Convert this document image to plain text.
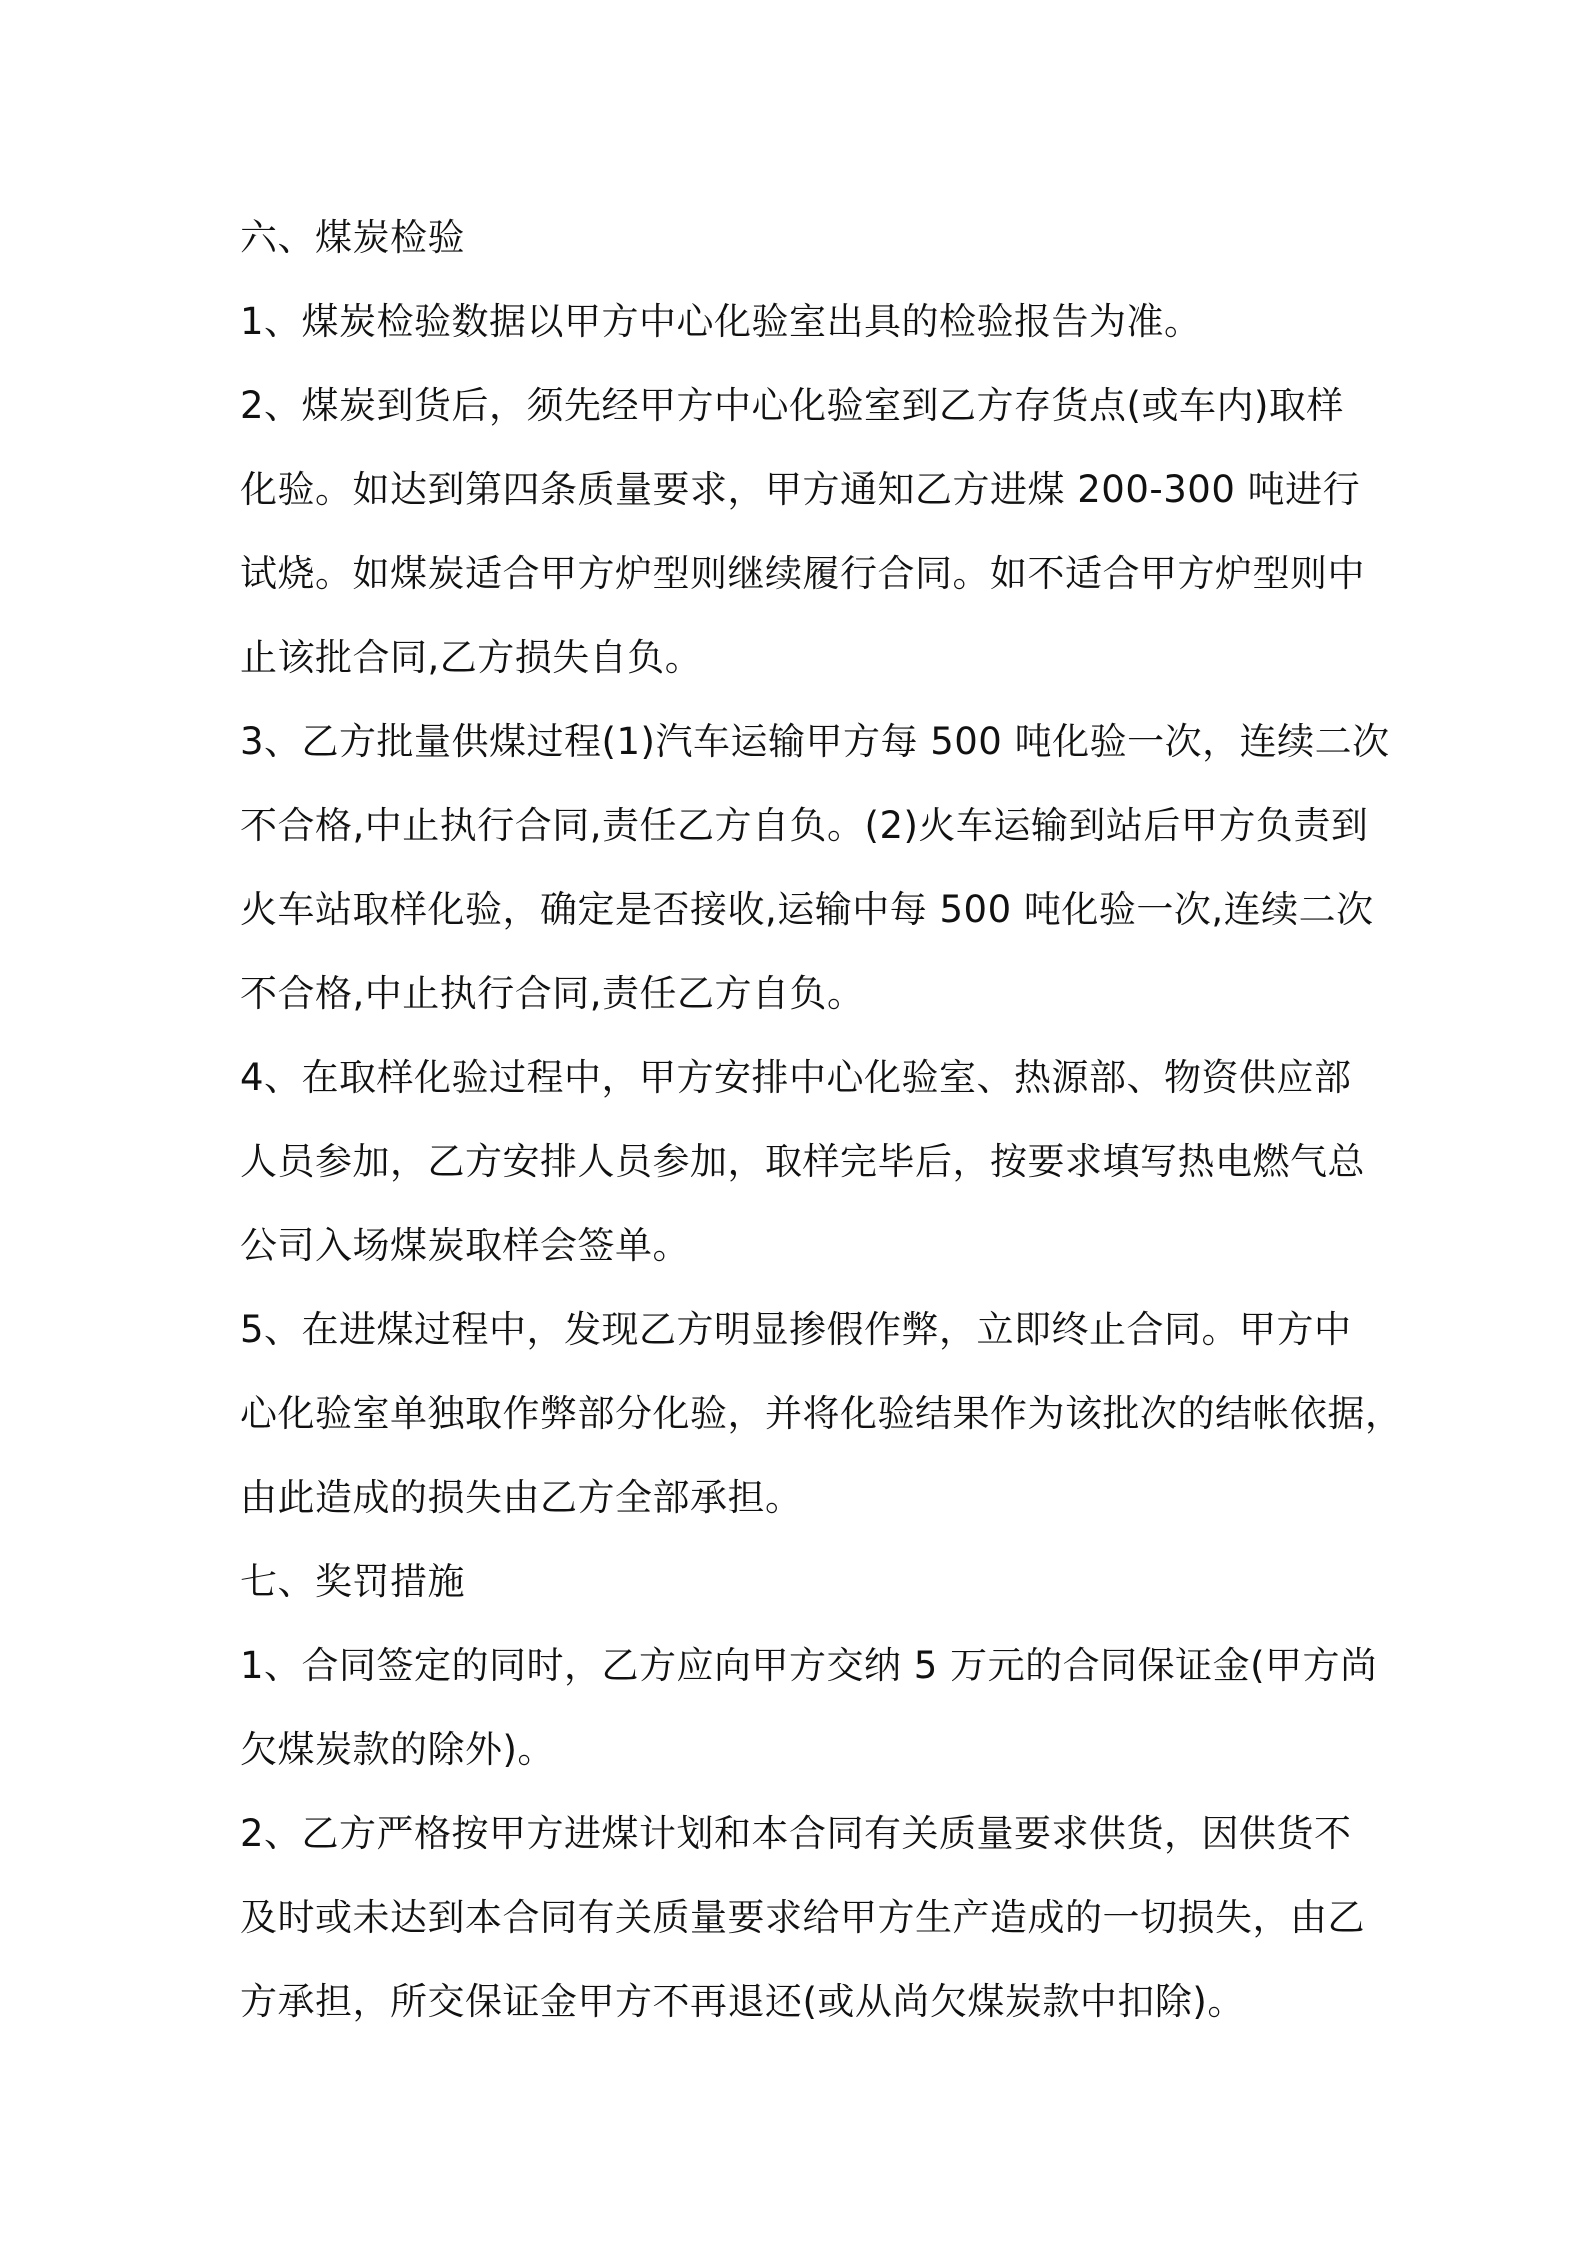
六、煤炭检验
1、煤炭检验数据以甲方中心化验室出具的检验报告为准。
2、煤炭到货后，须先经甲方中心化验室到乙方存货点(或车内)取样
化验。如达到第四条质量要求，甲方通知乙方进煤 200-300 吨进行
试烧。如煤炭适合甲方炉型则继续履行合同。如不适合甲方炉型则中
止该批合同,乙方损失自负。
3、乙方批量供煤过程(1)汽车运输甲方每 500 吨化验一次，连续二次
不合格,中止执行合同,责任乙方自负。(2)火车运输到站后甲方负责到
火车站取样化验，确定是否接收,运输中每 500 吨化验一次,连续二次
不合格,中止执行合同,责任乙方自负。
4、在取样化验过程中，甲方安排中心化验室、热源部、物资供应部
人员参加，乙方安排人员参加，取样完毕后，按要求填写热电燃气总
公司入场煤炭取样会签单。
5、在进煤过程中，发现乙方明显掺假作弊，立即终止合同。甲方中
心化验室单独取作弊部分化验，并将化验结果作为该批次的结帐依据，
由此造成的损失由乙方全部承担。
七、奖罚措施
1、合同签定的同时，乙方应向甲方交纳 5 万元的合同保证金(甲方尚
欠煤炭款的除外)。
2、乙方严格按甲方进煤计划和本合同有关质量要求供货，因供货不
及时或未达到本合同有关质量要求给甲方生产造成的一切损失，由乙
方承担，所交保证金甲方不再退还(或从尚欠煤炭款中扣除)。
